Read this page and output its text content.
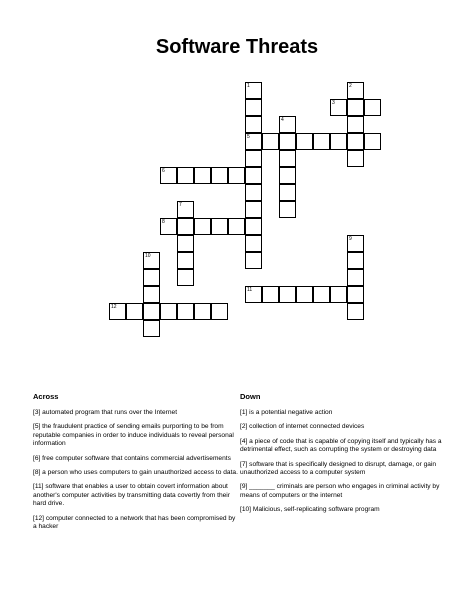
Software Threats
1	2
3
4
5
6
7
8
9
10
11
12
Across	Down
[3] automated program that runs over the Internet
[5] the fraudulent practice of sending emails purporting to be from reputable companies in order to induce individuals to reveal personal information
[6] free computer software that contains commercial advertisements
[8] a person who uses computers to gain unauthorized access to data.
[11] software that enables a user to obtain covert information about another's computer activities by transmitting data covertly from their hard drive.
[12] computer connected to a network that has been compromised by a hacker
[1] is a potential negative action
[2] collection of internet connected devices
[4] a piece of code that is capable of copying itself and typically has a detrimental effect, such as corrupting the system or destroying data
[7] software that is specifically designed to disrupt, damage, or gain unauthorized access to a computer system
[9] _______ criminals are person who engages in criminal activity by means of computers or the internet
[10] Malicious, self-replicating software program
